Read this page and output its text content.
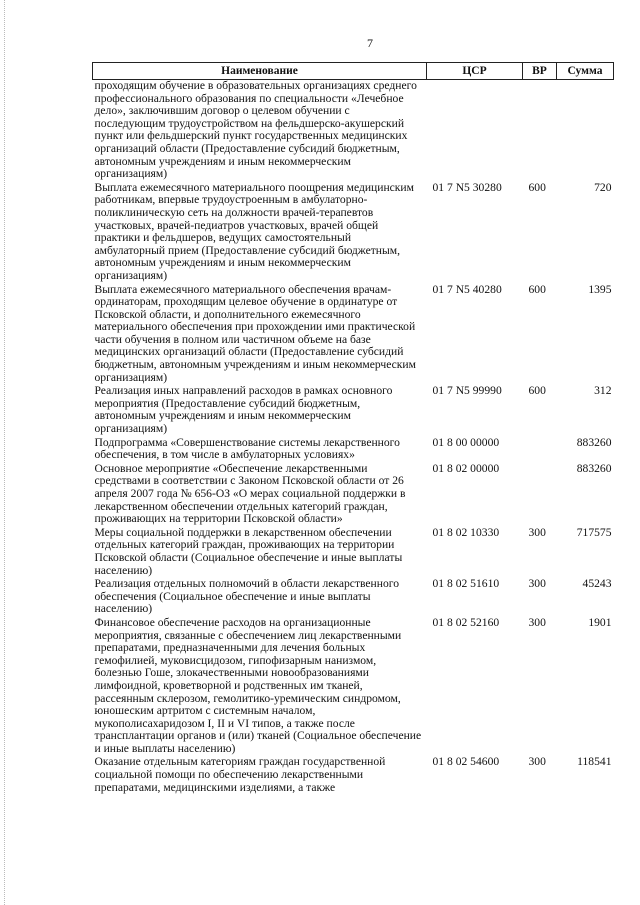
7
Наименование	ЦСР	ВР	Сумма
проходящим обучение в образовательных организациях среднего профессионального образования по специальности «Лечебное дело», заключившим договор о целевом обучении с последующим трудоустройством на фельдшерско-акушерский пункт или фельдшерский пункт государственных медицинских организаций области (Предоставление субсидий бюджетным, автономным учреждениям и иным некоммерческим организациям)			
Выплата ежемесячного материального поощрения медицинским работникам, впервые трудоустроенным в амбулаторно-поликлиническую сеть на должности врачей-терапевтов участковых, врачей-педиатров участковых, врачей общей практики и фельдшеров, ведущих самостоятельный амбулаторный прием (Предоставление субсидий бюджетным, автономным учреждениям и иным некоммерческим организациям)	01 7 N5 30280	600	720
Выплата ежемесячного материального обеспечения врачам-ординаторам, проходящим целевое обучение в ординатуре от Псковской области, и дополнительного ежемесячного материального обеспечения при прохождении ими практической части обучения в полном или частичном объеме на базе медицинских организаций области (Предоставление субсидий бюджетным, автономным учреждениям и иным некоммерческим организациям)	01 7 N5 40280	600	1395
Реализация иных направлений расходов в рамках основного мероприятия (Предоставление субсидий бюджетным, автономным учреждениям и иным некоммерческим организациям)	01 7 N5 99990	600	312
Подпрограмма «Совершенствование системы лекарственного обеспечения, в том числе в амбулаторных условиях»	01 8 00 00000		883260
Основное мероприятие «Обеспечение лекарственными средствами в соответствии с Законом Псковской области от 26 апреля 2007 года № 656-ОЗ «О мерах социальной поддержки в лекарственном обеспечении отдельных категорий граждан, проживающих на территории Псковской области»	01 8 02 00000		883260
Меры социальной поддержки в лекарственном обеспечении отдельных категорий граждан, проживающих на территории Псковской области (Социальное обеспечение и иные выплаты населению)	01 8 02 10330	300	717575
Реализация отдельных полномочий в области лекарственного обеспечения (Социальное обеспечение и иные выплаты населению)	01 8 02 51610	300	45243
Финансовое обеспечение расходов на организационные мероприятия, связанные с обеспечением лиц лекарственными препаратами, предназначенными для лечения больных гемофилией, муковисцидозом, гипофизарным нанизмом, болезнью Гоше, злокачественными новообразованиями лимфоидной, кроветворной и родственных им тканей, рассеянным склерозом, гемолитико-уремическим синдромом, юношеским артритом с системным началом, мукополисахаридозом I, II и VI типов, а также после трансплантации органов и (или) тканей (Социальное обеспечение и иные выплаты населению)	01 8 02 52160	300	1901
Оказание отдельным категориям граждан государственной социальной помощи по обеспечению лекарственными препаратами, медицинскими изделиями, а также	01 8 02 54600	300	118541
